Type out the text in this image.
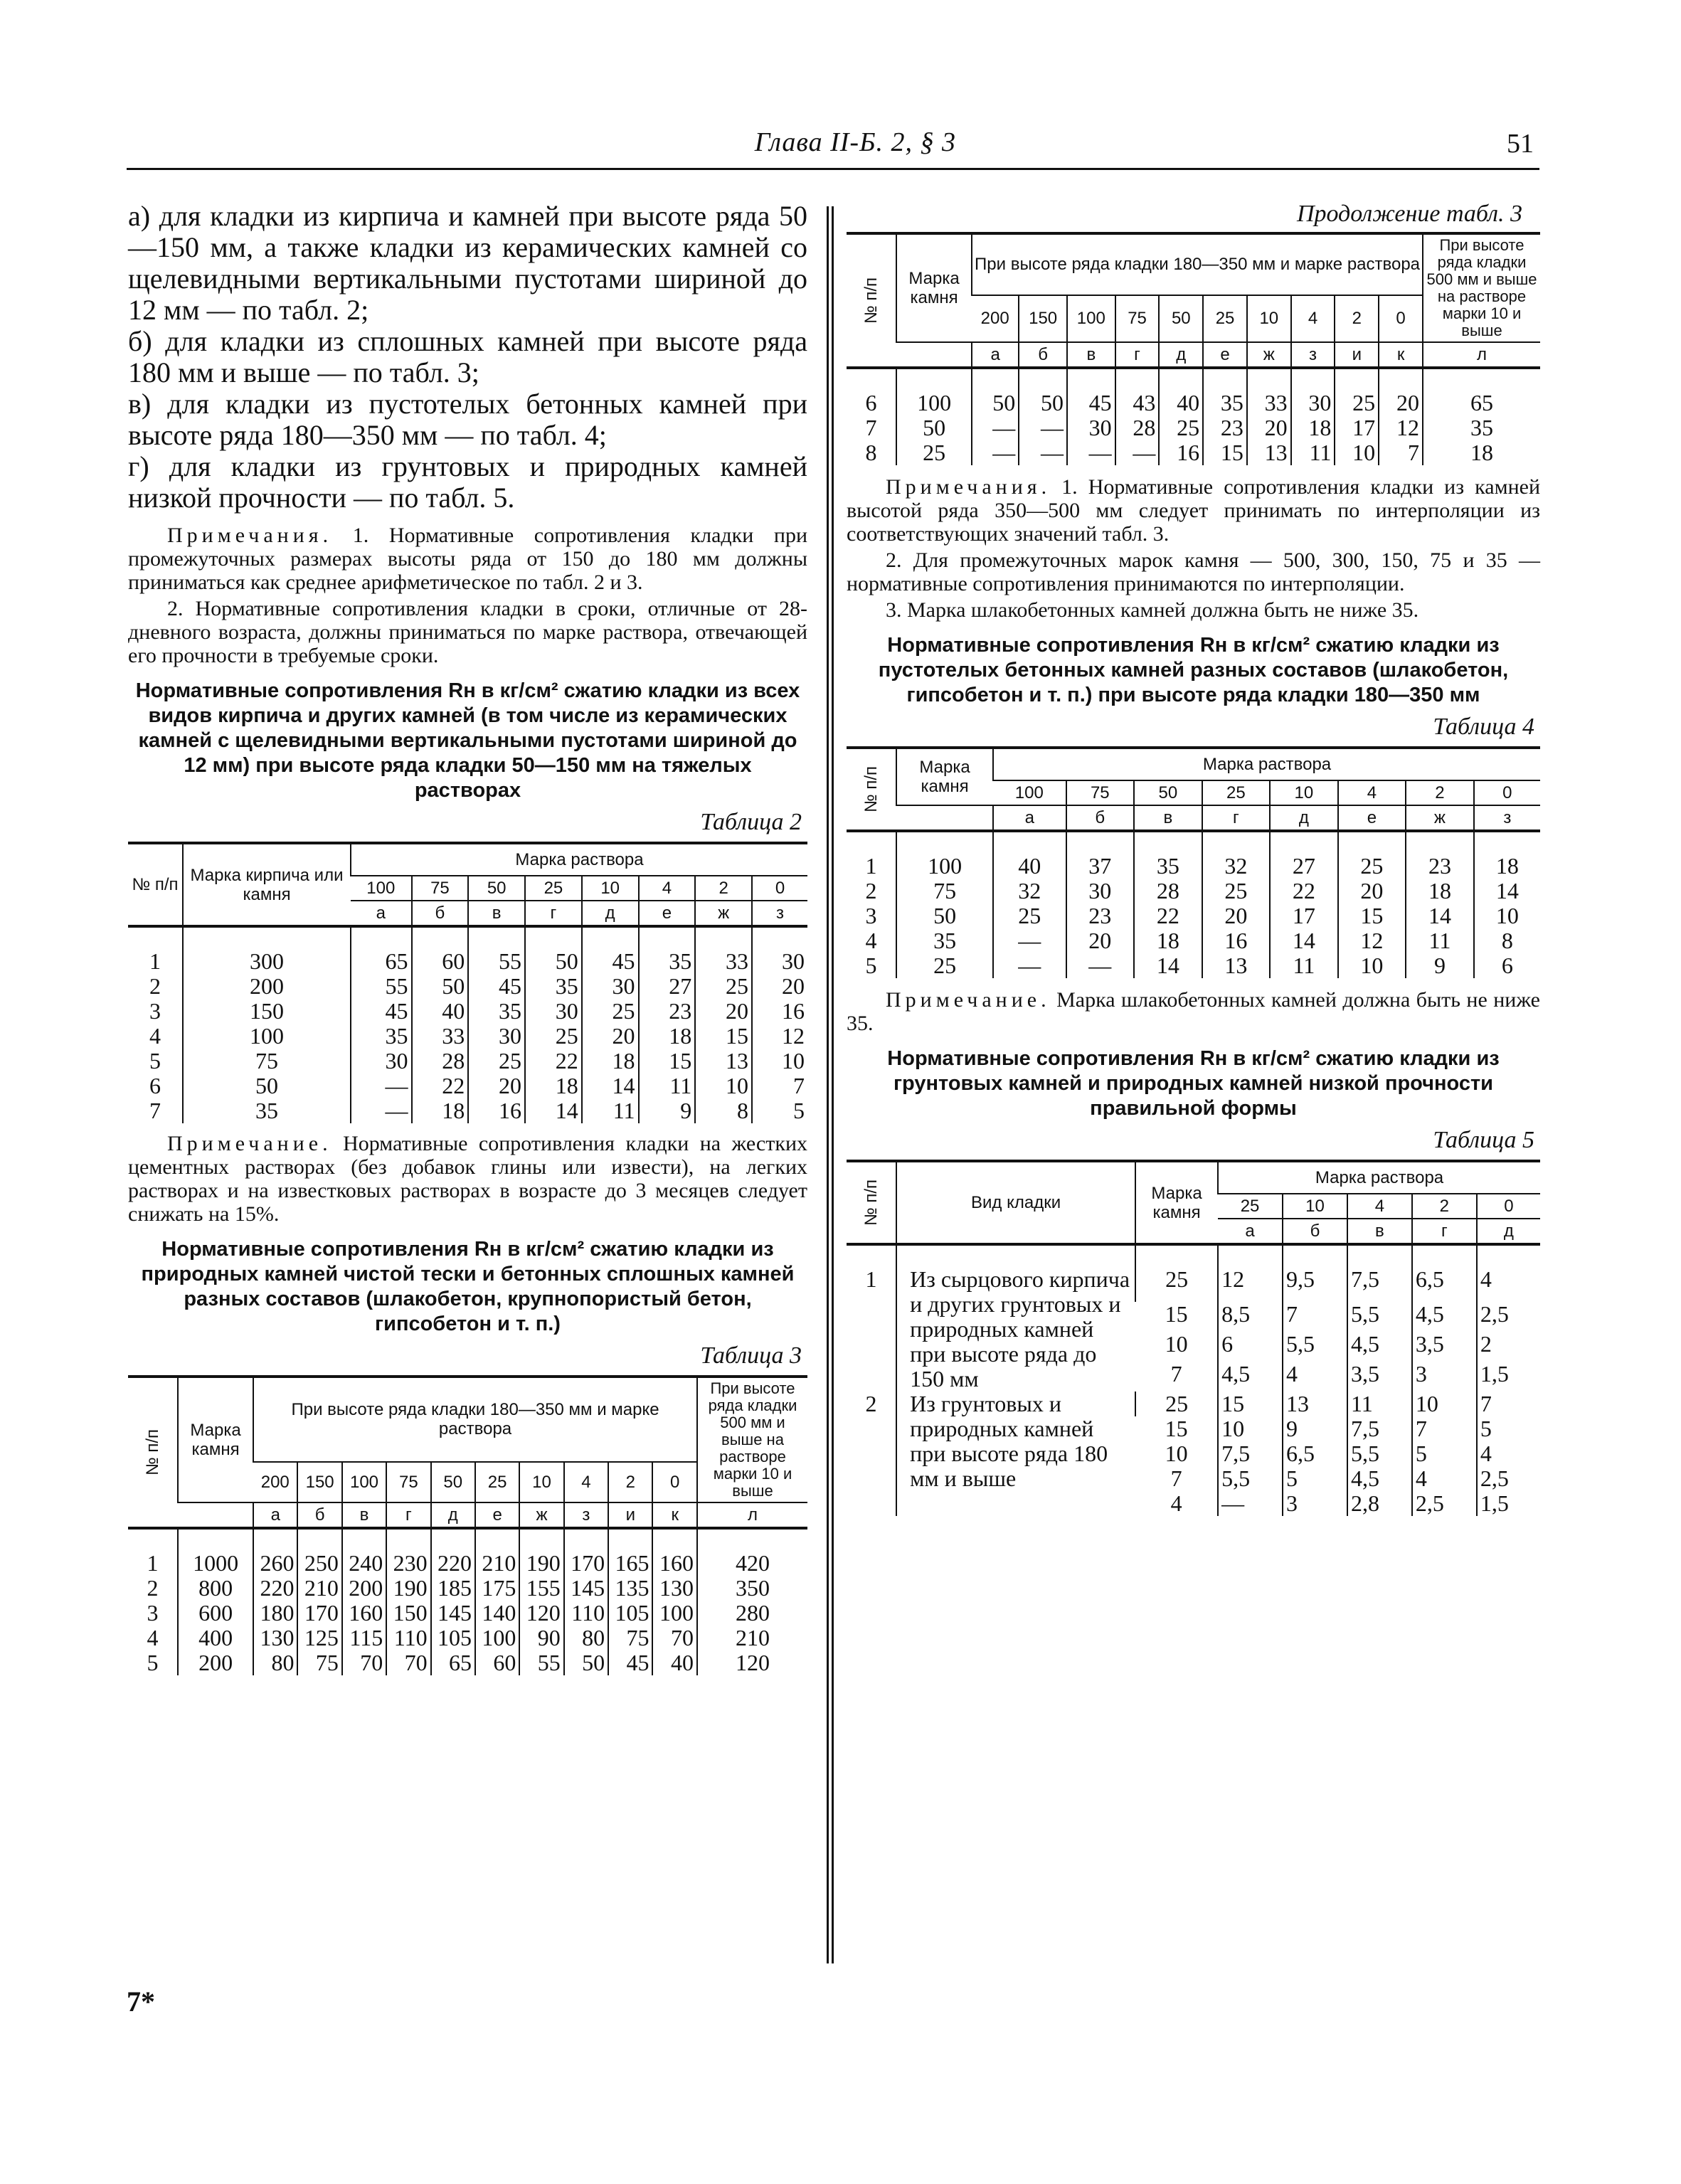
Глава II-Б. 2, § 3	51

а) для кладки из кирпича и камней при высоте ряда 50—150 мм, а также кладки из керамических камней со щелевидными вертикальными пустотами шириной до 12 мм — по табл. 2;

б) для кладки из сплошных камней при высоте ряда 180 мм и выше — по табл. 3;

в) для кладки из пустотелых бетонных камней при высоте ряда 180—350 мм — по табл. 4;

г) для кладки из грунтовых и природных камней низкой прочности — по табл. 5.

Примечания. 1. Нормативные сопротивления кладки при промежуточных размерах высоты ряда от 150 до 180 мм должны приниматься как среднее арифметическое по табл. 2 и 3.

2. Нормативные сопротивления кладки в сроки, отличные от 28-дневного возраста, должны приниматься по марке раствора, отвечающей его прочности в требуемые сроки.

Нормативные сопротивления Rн в кг/см² сжатию кладки из всех видов кирпича и других камней (в том числе из керамических камней с щелевидными вертикальными пустотами шириной до 12 мм) при высоте ряда кладки 50—150 мм на тяжелых растворах
Таблица 2
№ п/п	Марка кирпича или камня	Марка раствора							
		100	75	50	25	10	4	2	0
		а	б	в	г	д	е	ж	з
1	300	65	60	55	50	45	35	33	30
2	200	55	50	45	35	30	27	25	20
3	150	45	40	35	30	25	23	20	16
4	100	35	33	30	25	20	18	15	12
5	75	30	28	25	22	18	15	13	10
6	50	—	22	20	18	14	11	10	7
7	35	—	18	16	14	11	9	8	5

Примечание. Нормативные сопротивления кладки на жестких цементных растворах (без добавок глины или извести), на легких растворах и на известковых растворах в возрасте до 3 месяцев следует снижать на 15%.

Нормативные сопротивления Rн в кг/см² сжатию кладки из природных камней чистой тески и бетонных сплошных камней разных составов (шлакобетон, крупнопористый бетон, гипсобетон и т. п.)
Таблица 3
№ п/п	Марка камня	При высоте ряда кладки 180—350 мм и марке раствора										При высоте ряда кладки 500 мм и выше на растворе марки 10 и выше
		200	150	100	75	50	25	10	4	2	0	
		а	б	в	г	д	е	ж	з	и	к	л
1	1000	260	250	240	230	220	210	190	170	165	160	420
2	800	220	210	200	190	185	175	155	145	135	130	350
3	600	180	170	160	150	145	140	120	110	105	100	280
4	400	130	125	115	110	105	100	90	80	75	70	210
5	200	80	75	70	70	65	60	55	50	45	40	120
Продолжение табл. 3
№ п/п	Марка камня	При высоте ряда кладки 180—350 мм и марке раствора										При высоте ряда кладки 500 мм и выше на растворе марки 10 и выше
		200	150	100	75	50	25	10	4	2	0	
		а	б	в	г	д	е	ж	з	и	к	л
6	100	50	50	45	43	40	35	33	30	25	20	65
7	50	—	—	30	28	25	23	20	18	17	12	35
8	25	—	—	—	—	16	15	13	11	10	7	18

Примечания. 1. Нормативные сопротивления кладки из камней высотой ряда 350—500 мм следует принимать по интерполяции из соответствующих значений табл. 3.

2. Для промежуточных марок камня — 500, 300, 150, 75 и 35 — нормативные сопротивления принимаются по интерполяции.

3. Марка шлакобетонных камней должна быть не ниже 35.

Нормативные сопротивления Rн в кг/см² сжатию кладки из пустотелых бетонных камней разных составов (шлакобетон, гипсобетон и т. п.) при высоте ряда кладки 180—350 мм
Таблица 4
№ п/п	Марка камня	Марка раствора							
		100	75	50	25	10	4	2	0
		а	б	в	г	д	е	ж	з
1	100	40	37	35	32	27	25	23	18
2	75	32	30	28	25	22	20	18	14
3	50	25	23	22	20	17	15	14	10
4	35	—	20	18	16	14	12	11	8
5	25	—	—	14	13	11	10	9	6

Примечание. Марка шлакобетонных камней должна быть не ниже 35.

Нормативные сопротивления Rн в кг/см² сжатию кладки из грунтовых камней и природных камней низкой прочности правильной формы
Таблица 5
№ п/п	Вид кладки	Марка камня	Марка раствора				
			25	10	4	2	0
			а	б	в	г	д
1	Из сырцового кирпича и других грунтовых и природных камней при высоте ряда до 150 мм	25	12	9,5	7,5	6,5	4
		15	8,5	7	5,5	4,5	2,5
		10	6	5,5	4,5	3,5	2
		7	4,5	4	3,5	3	1,5
2	Из грунтовых и природных камней при высоте ряда 180 мм и выше	25	15	13	11	10	7
		15	10	9	7,5	7	5
		10	7,5	6,5	5,5	5	4
		7	5,5	5	4,5	4	2,5
		4	—	3	2,8	2,5	1,5
7*
